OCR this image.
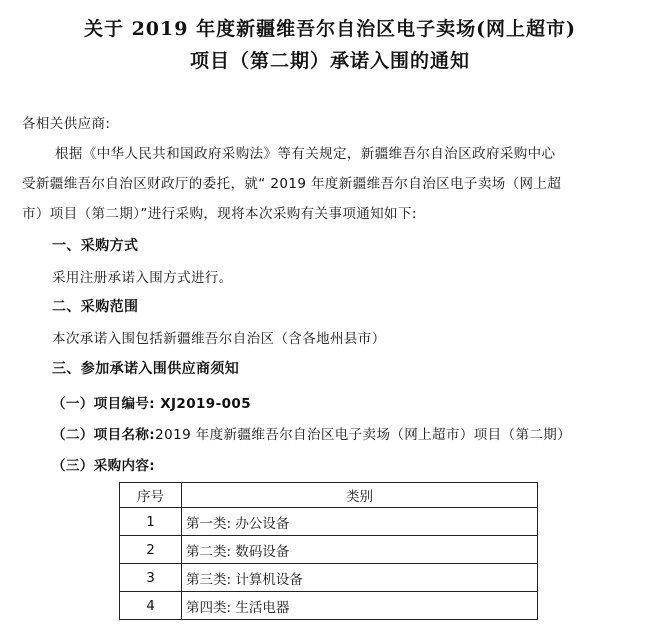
关于 2019 年度新疆维吾尔自治区电子卖场(网上超市)
项目（第二期）承诺入围的通知
各相关供应商:
根据《中华人民共和国政府采购法》等有关规定，新疆维吾尔自治区政府采购中心
受新疆维吾尔自治区财政厅的委托，就“ 2019 年度新疆维吾尔自治区电子卖场（网上超
市）项目（第二期）”进行采购，现将本次采购有关事项通知如下:
一、采购方式
采用注册承诺入围方式进行。
二、采购范围
本次承诺入围包括新疆维吾尔自治区（含各地州县市）
三、参加承诺入围供应商须知
（一）项目编号: XJ2019-005
（二）项目名称:2019 年度新疆维吾尔自治区电子卖场（网上超市）项目（第二期）
（三）采购内容:
序号	类别
1	第一类: 办公设备
2	第二类: 数码设备
3	第三类: 计算机设备
4	第四类: 生活电器
